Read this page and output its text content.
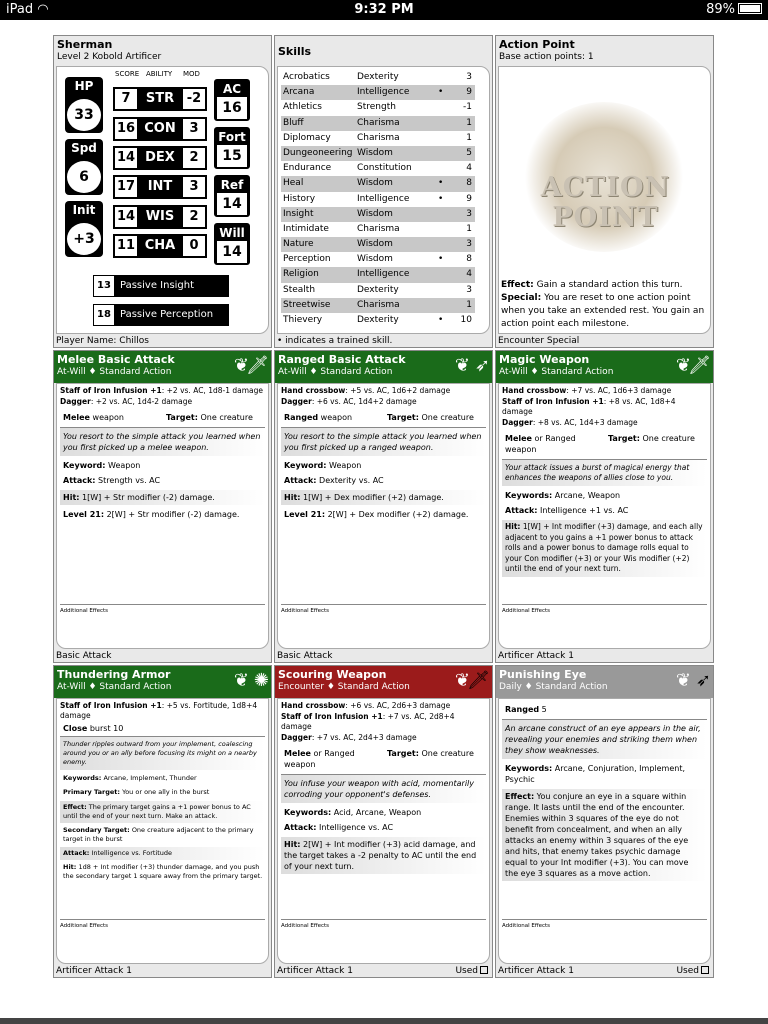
iPad ◠	9:32 PM	89%
Sherman
Level 2 Kobold Artificer
HP
33
Spd
6
Init
+3
SCORE ABILITY MOD
7	STR -2
16 CON	3
14 DEX	2
17 INT	3
14 WIS	2
11 CHA	0
AC
16
Fort
15
Ref
14
Will
14
13 Passive Insight
18 Passive Perception
Player Name: Chillos
Skills
Acrobatics	Dexterity	3
Arcana	Intelligence	•	9
Athletics	Strength	-1
Bluff	Charisma	1
Diplomacy	Charisma	1
Dungeoneering Wisdom	5
Endurance	Constitution	4
Heal	Wisdom	•	8
History	Intelligence	•	9
Insight	Wisdom	3
Intimidate	Charisma	1
Nature	Wisdom	3
Perception	Wisdom	•	8
Religion	Intelligence	4
Stealth	Dexterity	3
Streetwise	Charisma	1
Thievery	Dexterity	• 10
• indicates a trained skill.
Action Point
Base action points: 1
ACTION
POINT
Effect: Gain a standard action this turn.
Special: You are reset to one action point when you take an extended rest. You gain an action point each milestone.
Encounter Special
Melee Basic Attack
At-Will ♦ Standard Action	❦
🗡
Staff of Iron Infusion +1: +2 vs. AC, 1d8-1 damage
Dagger: +2 vs. AC, 1d4-2 damage
Melee weapon	Target: One creature
You resort to the simple attack you learned when you first picked up a melee weapon.
Keyword: Weapon
Attack: Strength vs. AC
Hit: 1[W] + Str modifier (-2) damage.
Level 21: 2[W] + Str modifier (-2) damage.
Additional Effects
Basic Attack
Ranged Basic Attack
At-Will ♦ Standard Action	❦ ➶
Hand crossbow: +5 vs. AC, 1d6+2 damage
Dagger: +6 vs. AC, 1d4+2 damage
Ranged weapon	Target: One creature
You resort to the simple attack you learned when you first picked up a ranged weapon.
Keyword: Weapon
Attack: Dexterity vs. AC
Hit: 1[W] + Dex modifier (+2) damage.
Level 21: 2[W] + Dex modifier (+2) damage.
Additional Effects
Basic Attack
Magic Weapon
At-Will ♦ Standard Action	❦
🗡
Hand crossbow: +7 vs. AC, 1d6+3 damage
Staff of Iron Infusion +1: +8 vs. AC, 1d8+4 damage
Dagger: +8 vs. AC, 1d4+3 damage
Melee or Ranged weapon
Target: One creature
Your attack issues a burst of magical energy that enhances the weapons of allies close to you.
Keywords: Arcane, Weapon
Attack: Intelligence +1 vs. AC
Hit: 1[W] + Int modifier (+3) damage, and each ally adjacent to you gains a +1 power bonus to attack rolls and a power bonus to damage rolls equal to your Con modifier (+3) or your Wis modifier (+2) until the end of your next turn.
Additional Effects
Artificer Attack 1
Thundering Armor
At-Will ♦ Standard Action	❦ ✺
Staff of Iron Infusion +1: +5 vs. Fortitude, 1d8+4 damage
Close burst 10
Thunder ripples outward from your implement, coalescing around you or an ally before focusing its might on a nearby enemy.
Keywords: Arcane, Implement, Thunder
Primary Target: You or one ally in the burst
Effect: The primary target gains a +1 power bonus to AC until the end of your next turn. Make an attack.
Secondary Target: One creature adjacent to the primary target in the burst
Attack: Intelligence vs. Fortitude
Hit: 1d8 + Int modifier (+3) thunder damage, and you push the secondary target 1 square away from the primary target.
Additional Effects
Artificer Attack 1
Scouring Weapon
Encounter ♦ Standard Action	❦
🗡
Hand crossbow: +6 vs. AC, 2d6+3 damage
Staff of Iron Infusion +1: +7 vs. AC, 2d8+4 damage
Dagger: +7 vs. AC, 2d4+3 damage
Melee or Ranged weapon
Target: One creature
You infuse your weapon with acid, momentarily corroding your opponent's defenses.
Keywords: Acid, Arcane, Weapon
Attack: Intelligence vs. AC
Hit: 2[W] + Int modifier (+3) acid damage, and the target takes a -2 penalty to AC until the end of your next turn.
Additional Effects
Artificer Attack 1	Used
Punishing Eye
Daily ♦ Standard Action	❦ ➶
Ranged 5
An arcane construct of an eye appears in the air, revealing your enemies and striking them when they show weaknesses.
Keywords: Arcane, Conjuration, Implement, Psychic
Effect: You conjure an eye in a square within range. It lasts until the end of the encounter. Enemies within 3 squares of the eye do not benefit from concealment, and when an ally attacks an enemy within 3 squares of the eye and hits, that enemy takes psychic damage equal to your Int modifier (+3). You can move the eye 3 squares as a move action.
Additional Effects
Artificer Attack 1	Used
